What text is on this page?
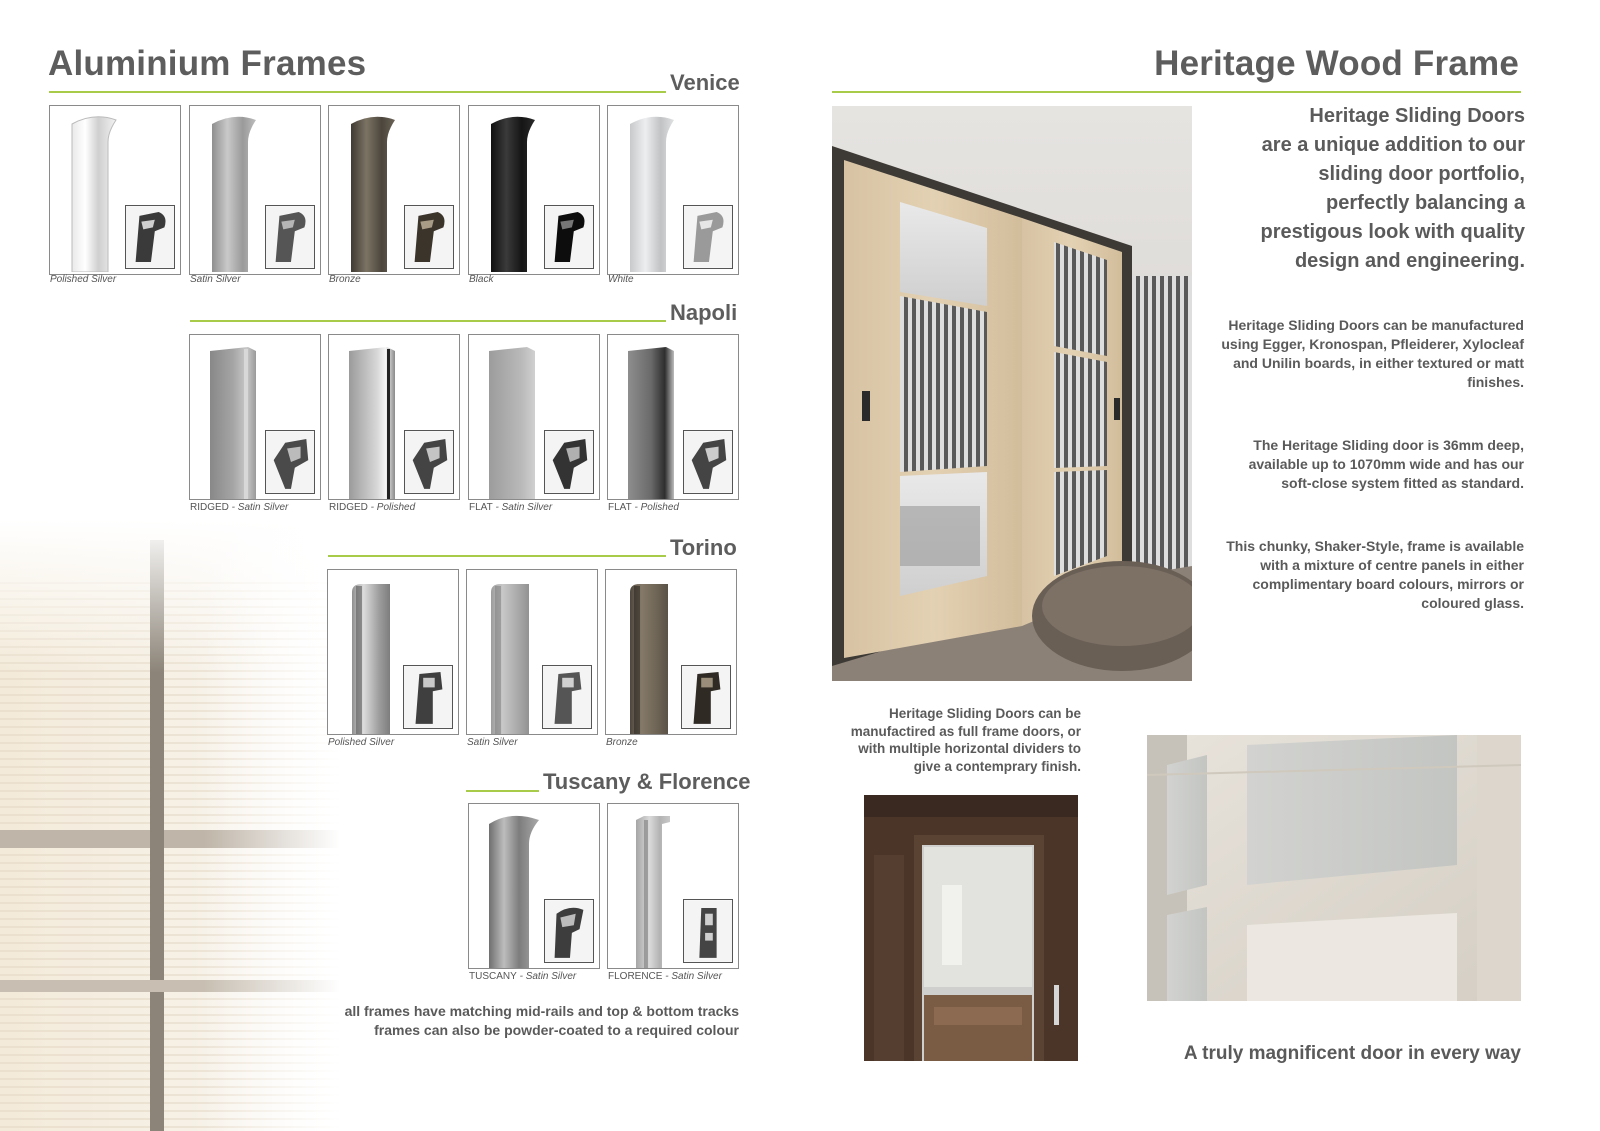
Aluminium Frames	Venice
Napoli
Torino
Tuscany & Florence
Polished Silver	Satin Silver	Bronze	Black	White
RIDGED - Satin Silver	RIDGED - Polished	FLAT - Satin Silver	FLAT - Polished
Polished Silver	Satin Silver	Bronze
TUSCANY - Satin Silver	FLORENCE - Satin Silver
all frames have matching mid-rails and top & bottom tracks
frames can also be powder-coated to a required colour
Heritage Wood Frame
Heritage Sliding Doors
are a unique addition to our
sliding door portfolio,
perfectly balancing a
prestigous look with quality
design and engineering.
Heritage Sliding Doors can be manufactured
using Egger, Kronospan, Pfleiderer, Xylocleaf
and Unilin boards, in either textured or matt
finishes.
The Heritage Sliding door is 36mm deep,
available up to 1070mm wide and has our
soft-close system fitted as standard.
This chunky, Shaker-Style, frame is available
with a mixture of centre panels in either
complimentary board colours, mirrors or
coloured glass.
Heritage Sliding Doors can be
manufactired as full frame doors, or
with multiple horizontal dividers to
give a contemprary finish.
A truly magnificent door in every way
